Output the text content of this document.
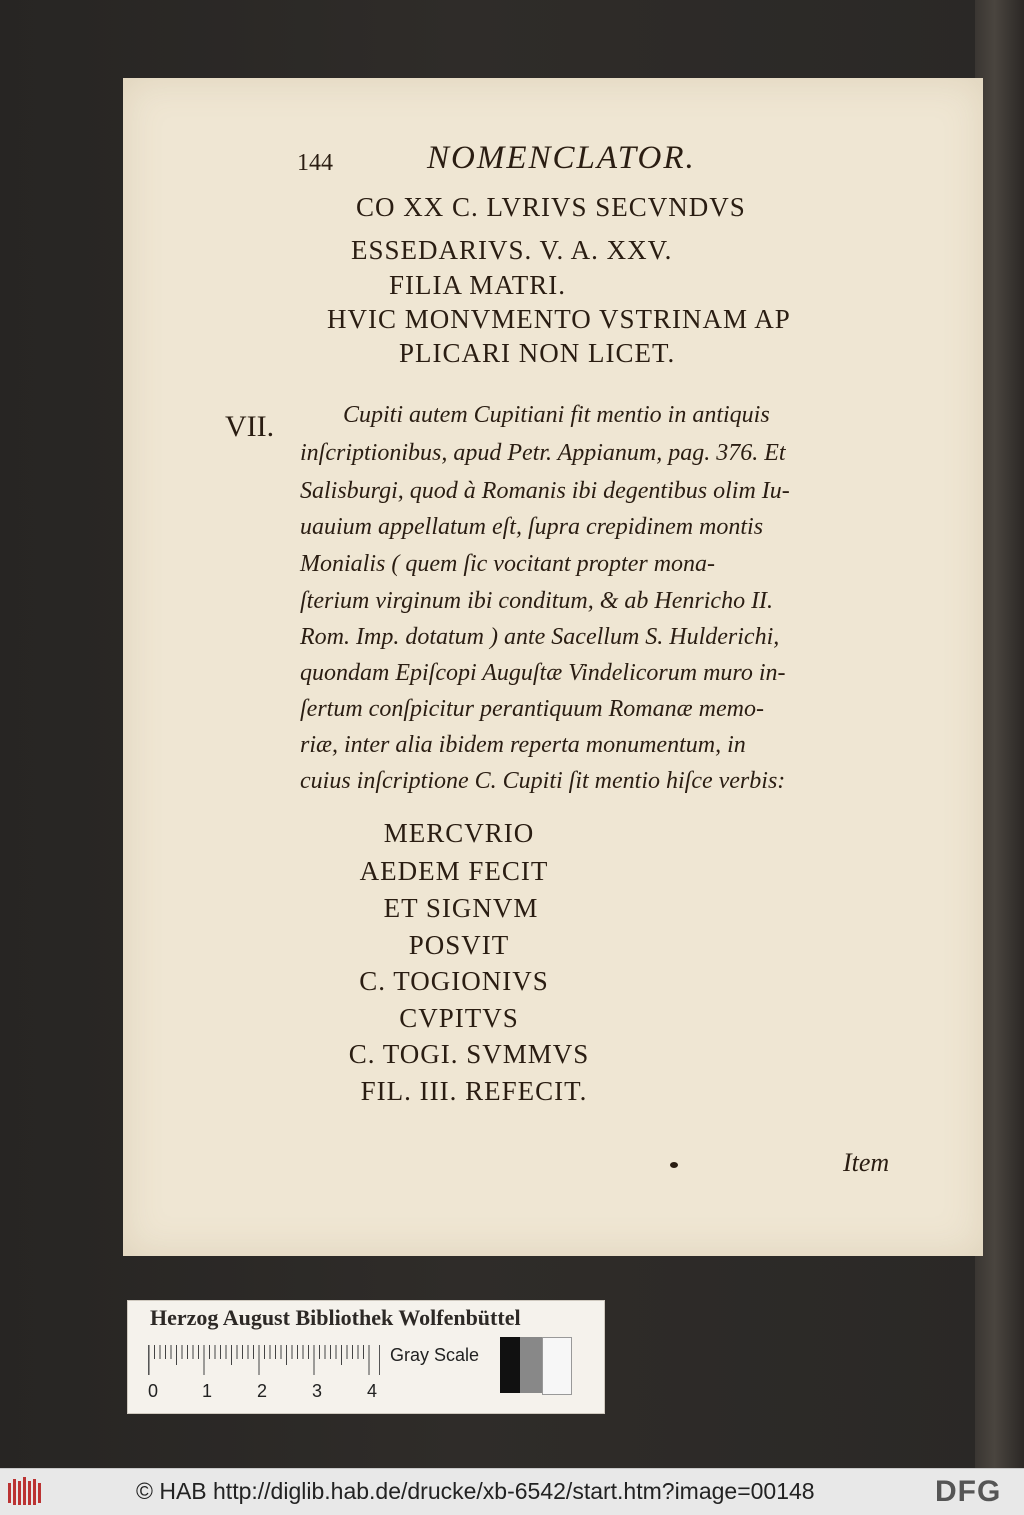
144	NOMENCLATOR.
CO XX C. LVRIVS SECVNDVS
ESSEDARIVS. V. A. XXV.
FILIA MATRI.
HVIC MONVMENTO VSTRINAM AP
PLICARI NON LICET.
VII.	Cupiti autem Cupitiani fit mentio in antiquis
inſcriptionibus, apud Petr. Appianum, pag. 376. Et
Salisburgi, quod à Romanis ibi degentibus olim Iu-
uauium appellatum eſt, ſupra crepidinem montis
Monialis ( quem ſic vocitant propter mona-
ſterium virginum ibi conditum, & ab Henricho II.
Rom. Imp. dotatum ) ante Sacellum S. Hulderichi,
quondam Epiſcopi Auguſtæ Vindelicorum muro in-
ſertum conſpicitur perantiquum Romanæ memo-
riæ, inter alia ibidem reperta monumentum, in
cuius inſcriptione C. Cupiti ſit mentio hiſce verbis:
MERCVRIO
AEDEM FECIT
ET SIGNVM
POSVIT
C. TOGIONIVS
CVPITVS
C. TOGI. SVMMVS
FIL. III. REFECIT.
Item
Herzog August Bibliothek Wolfenbüttel
0 1 2 3 4
Gray Scale
© HAB http://diglib.hab.de/drucke/xb-6542/start.htm?image=00148	DFG
